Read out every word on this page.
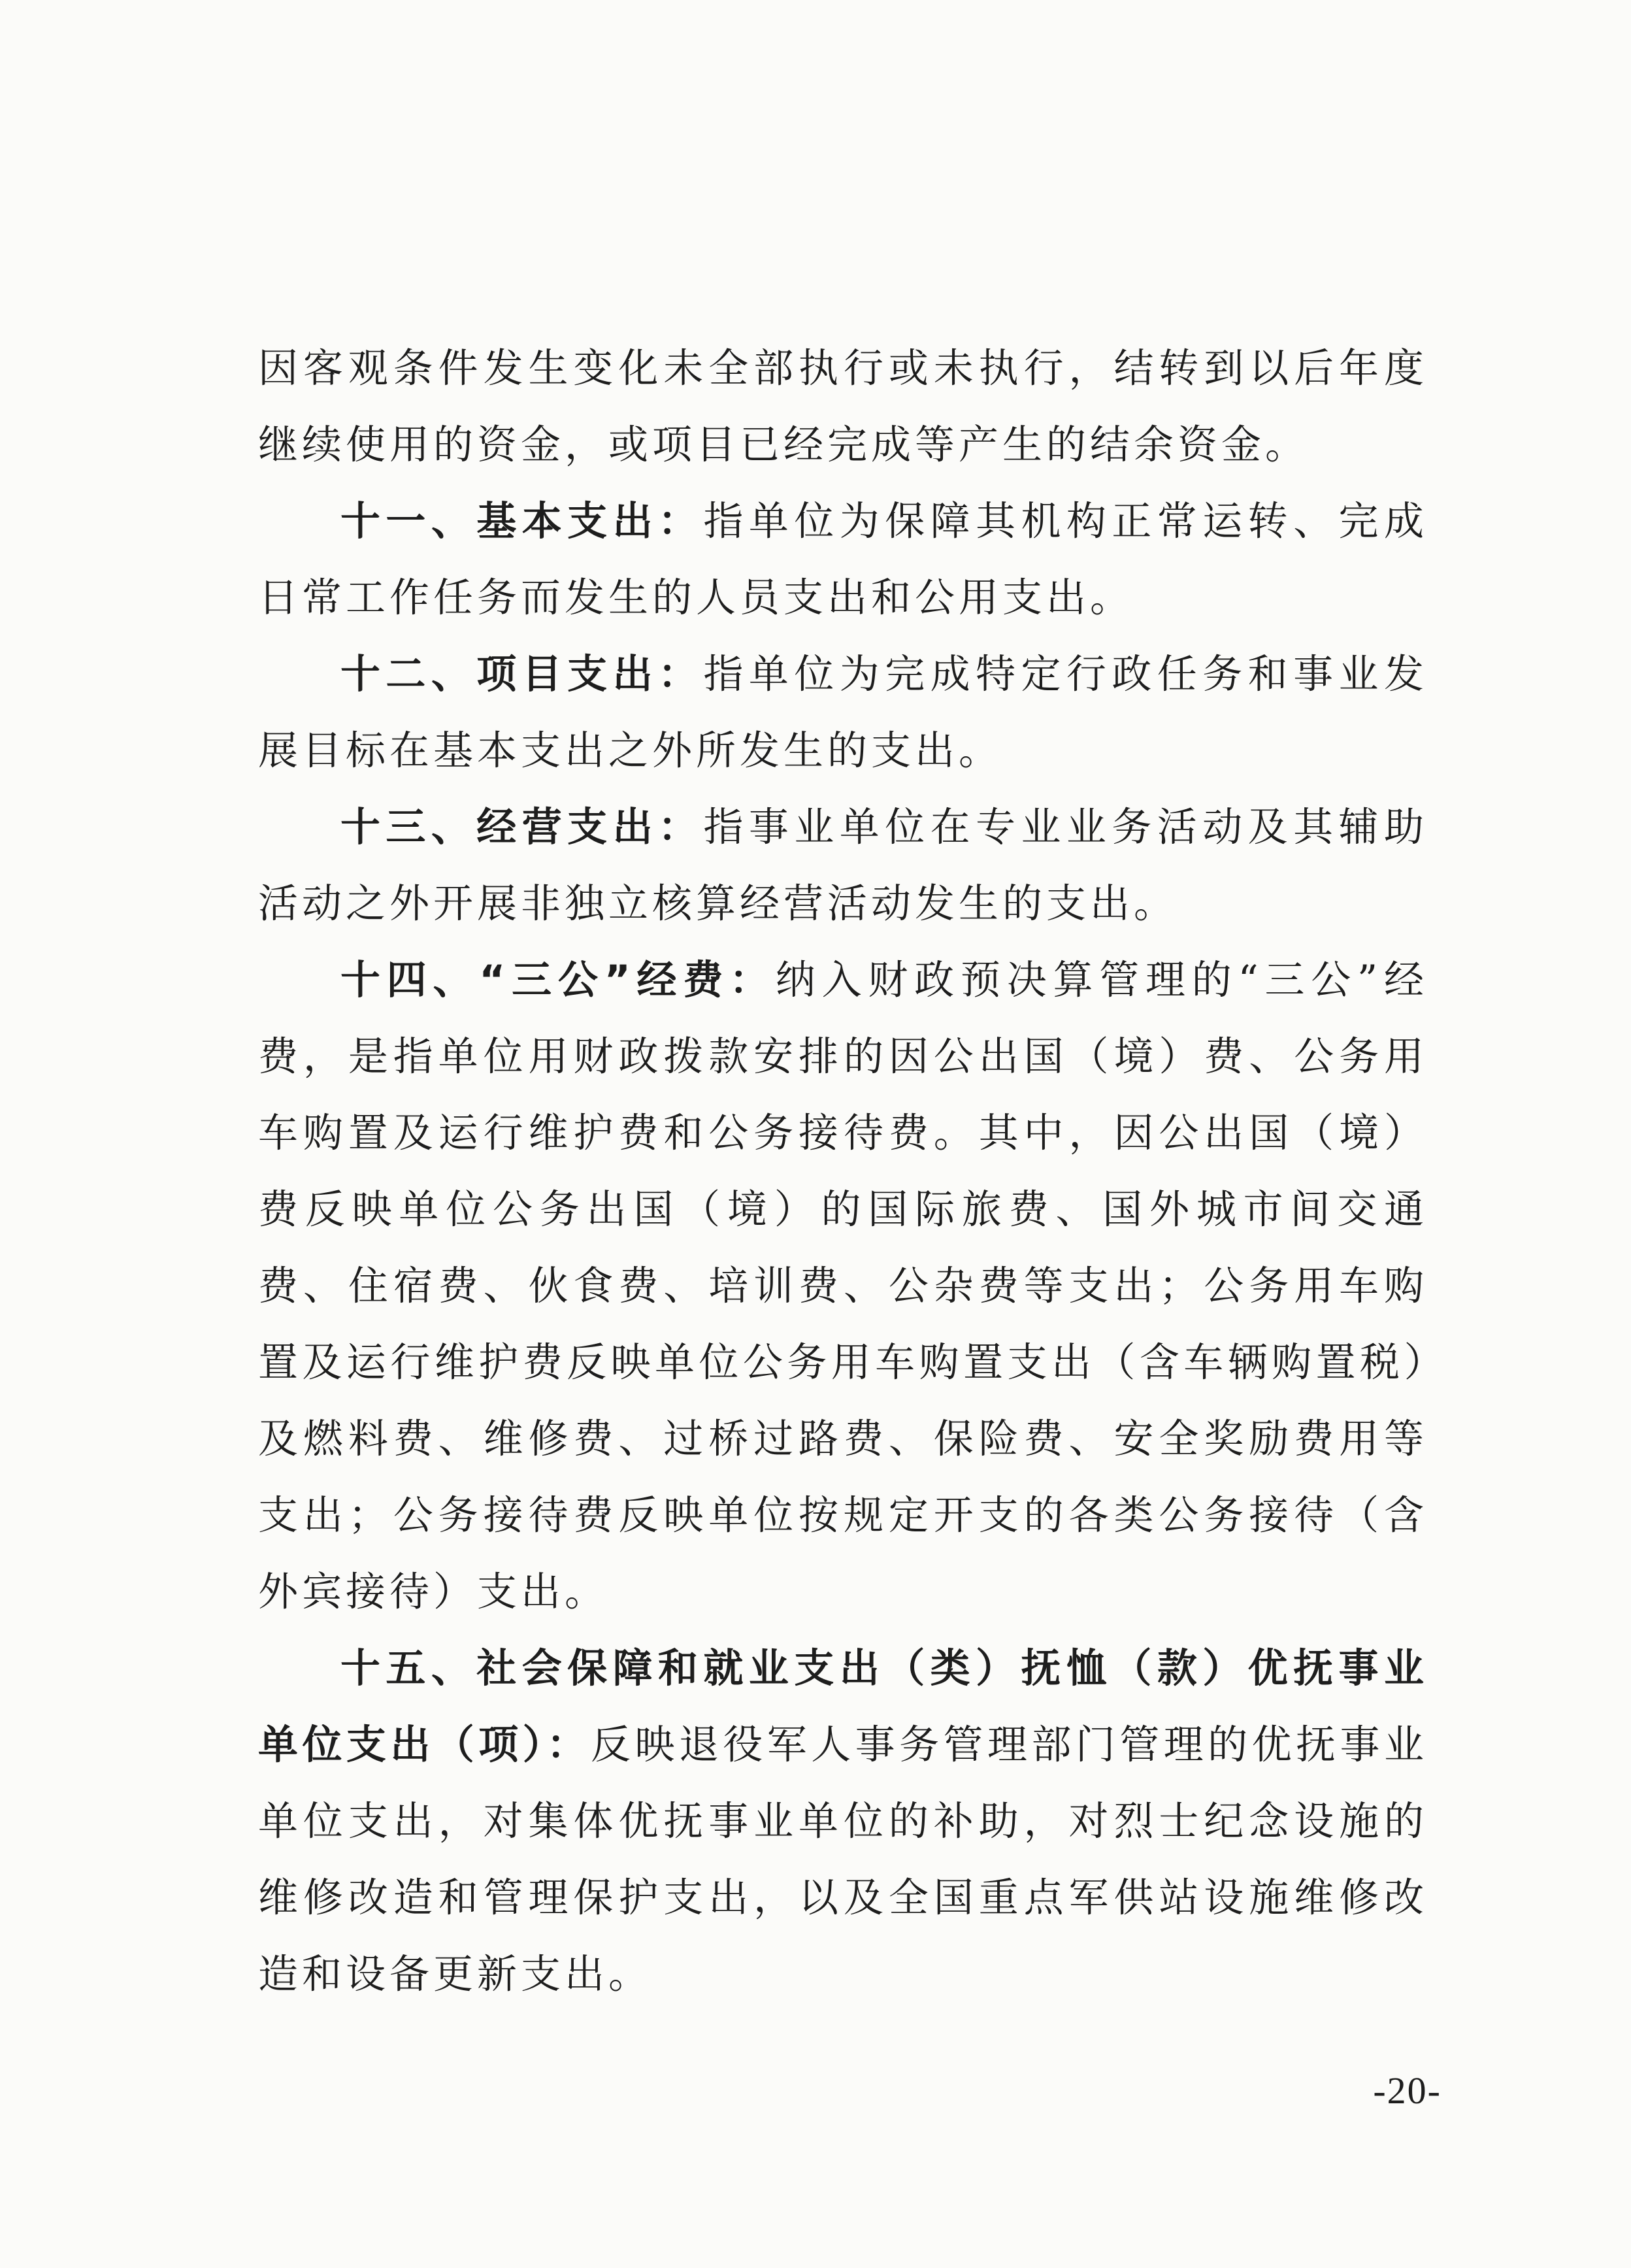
因客观条件发生变化未全部执行或未执行，结转到以后年度继续使用的资金，或项目已经完成等产生的结余资金。

十一、基本支出：指单位为保障其机构正常运转、完成日常工作任务而发生的人员支出和公用支出。

十二、项目支出：指单位为完成特定行政任务和事业发展目标在基本支出之外所发生的支出。

十三、经营支出：指事业单位在专业业务活动及其辅助活动之外开展非独立核算经营活动发生的支出。

十四、“三公”经费：纳入财政预决算管理的“三公”经费，是指单位用财政拨款安排的因公出国（境）费、公务用车购置及运行维护费和公务接待费。其中，因公出国（境）费反映单位公务出国（境）的国际旅费、国外城市间交通费、住宿费、伙食费、培训费、公杂费等支出；公务用车购置及运行维护费反映单位公务用车购置支出（含车辆购置税）及燃料费、维修费、过桥过路费、保险费、安全奖励费用等支出；公务接待费反映单位按规定开支的各类公务接待（含外宾接待）支出。

十五、社会保障和就业支出（类）抚恤（款）优抚事业单位支出（项）：反映退役军人事务管理部门管理的优抚事业单位支出，对集体优抚事业单位的补助，对烈士纪念设施的维修改造和管理保护支出，以及全国重点军供站设施维修改造和设备更新支出。

-20-
